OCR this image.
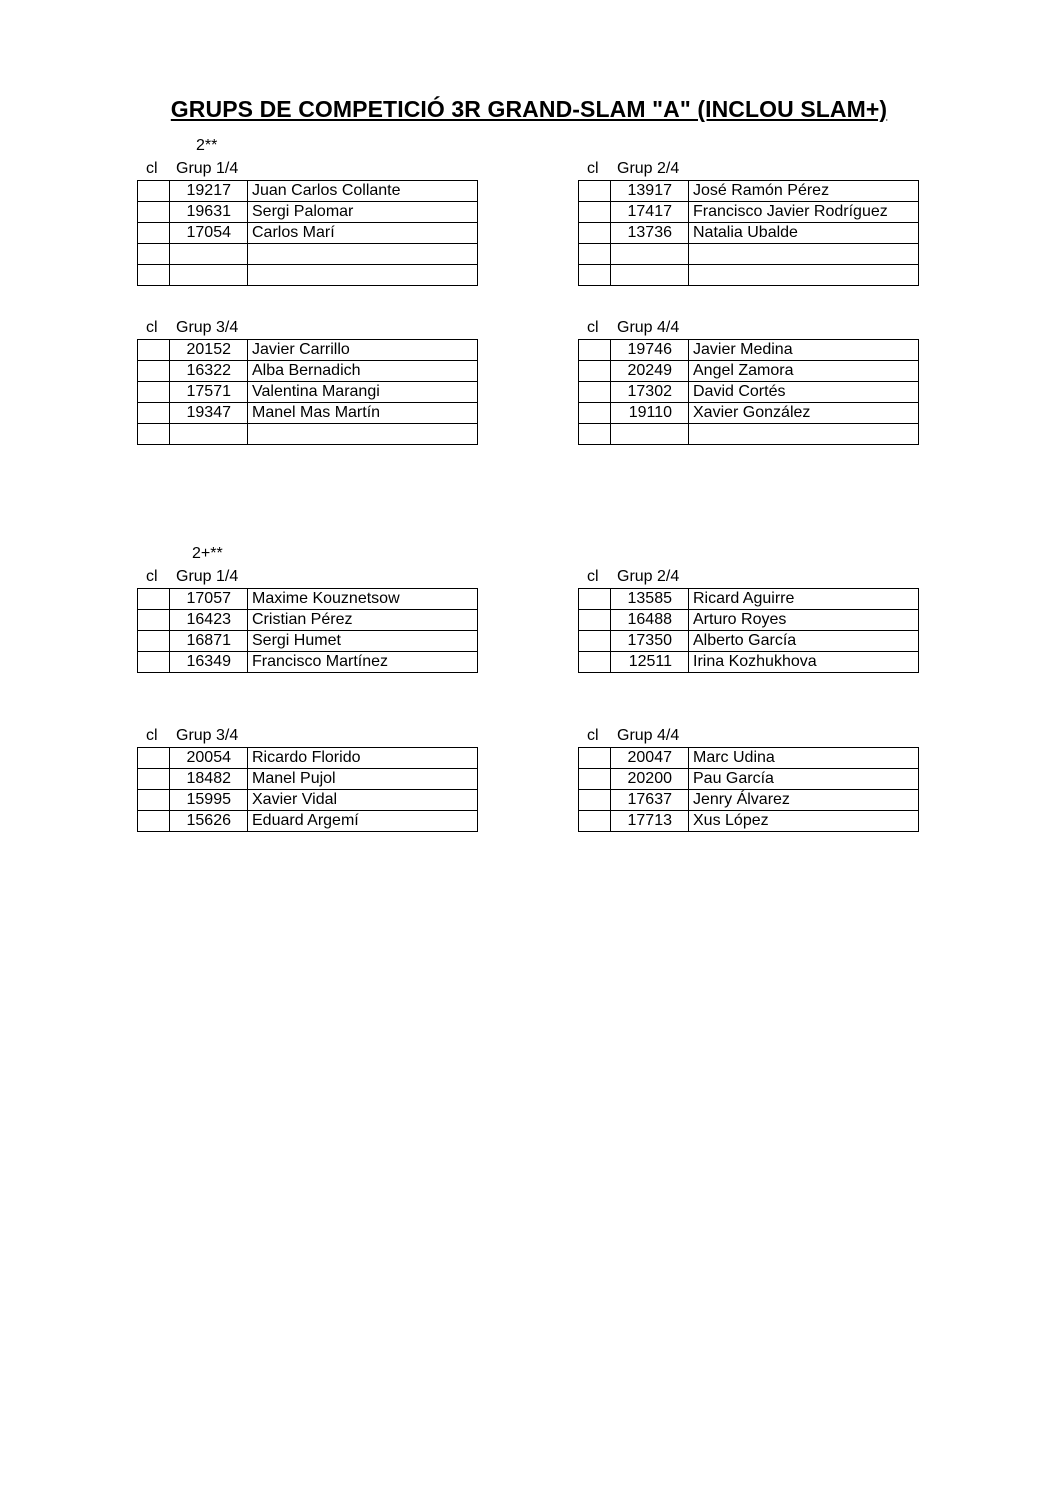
GRUPS DE COMPETICIÓ 3R GRAND-SLAM "A" (INCLOU SLAM+)
2**
cl Grup 1/4
	19217	Juan Carlos Collante
	19631	Sergi Palomar
	17054	Carlos Marí

cl Grup 2/4
	13917	José Ramón Pérez
	17417	Francisco Javier Rodríguez
	13736	Natalia Ubalde

cl Grup 3/4
	20152	Javier Carrillo
	16322	Alba Bernadich
	17571	Valentina Marangi
	19347	Manel Mas Martín

cl Grup 4/4
	19746	Javier Medina
	20249	Angel Zamora
	17302	David Cortés
	19110	Xavier González

2+**
cl Grup 1/4
	17057	Maxime Kouznetsow
	16423	Cristian Pérez
	16871	Sergi Humet
	16349	Francisco Martínez
cl Grup 2/4
	13585	Ricard Aguirre
	16488	Arturo Royes
	17350	Alberto García
	12511	Irina Kozhukhova
cl Grup 3/4
	20054	Ricardo Florido
	18482	Manel Pujol
	15995	Xavier Vidal
	15626	Eduard Argemí
cl Grup 4/4
	20047	Marc Udina
	20200	Pau García
	17637	Jenry Álvarez
	17713	Xus López
